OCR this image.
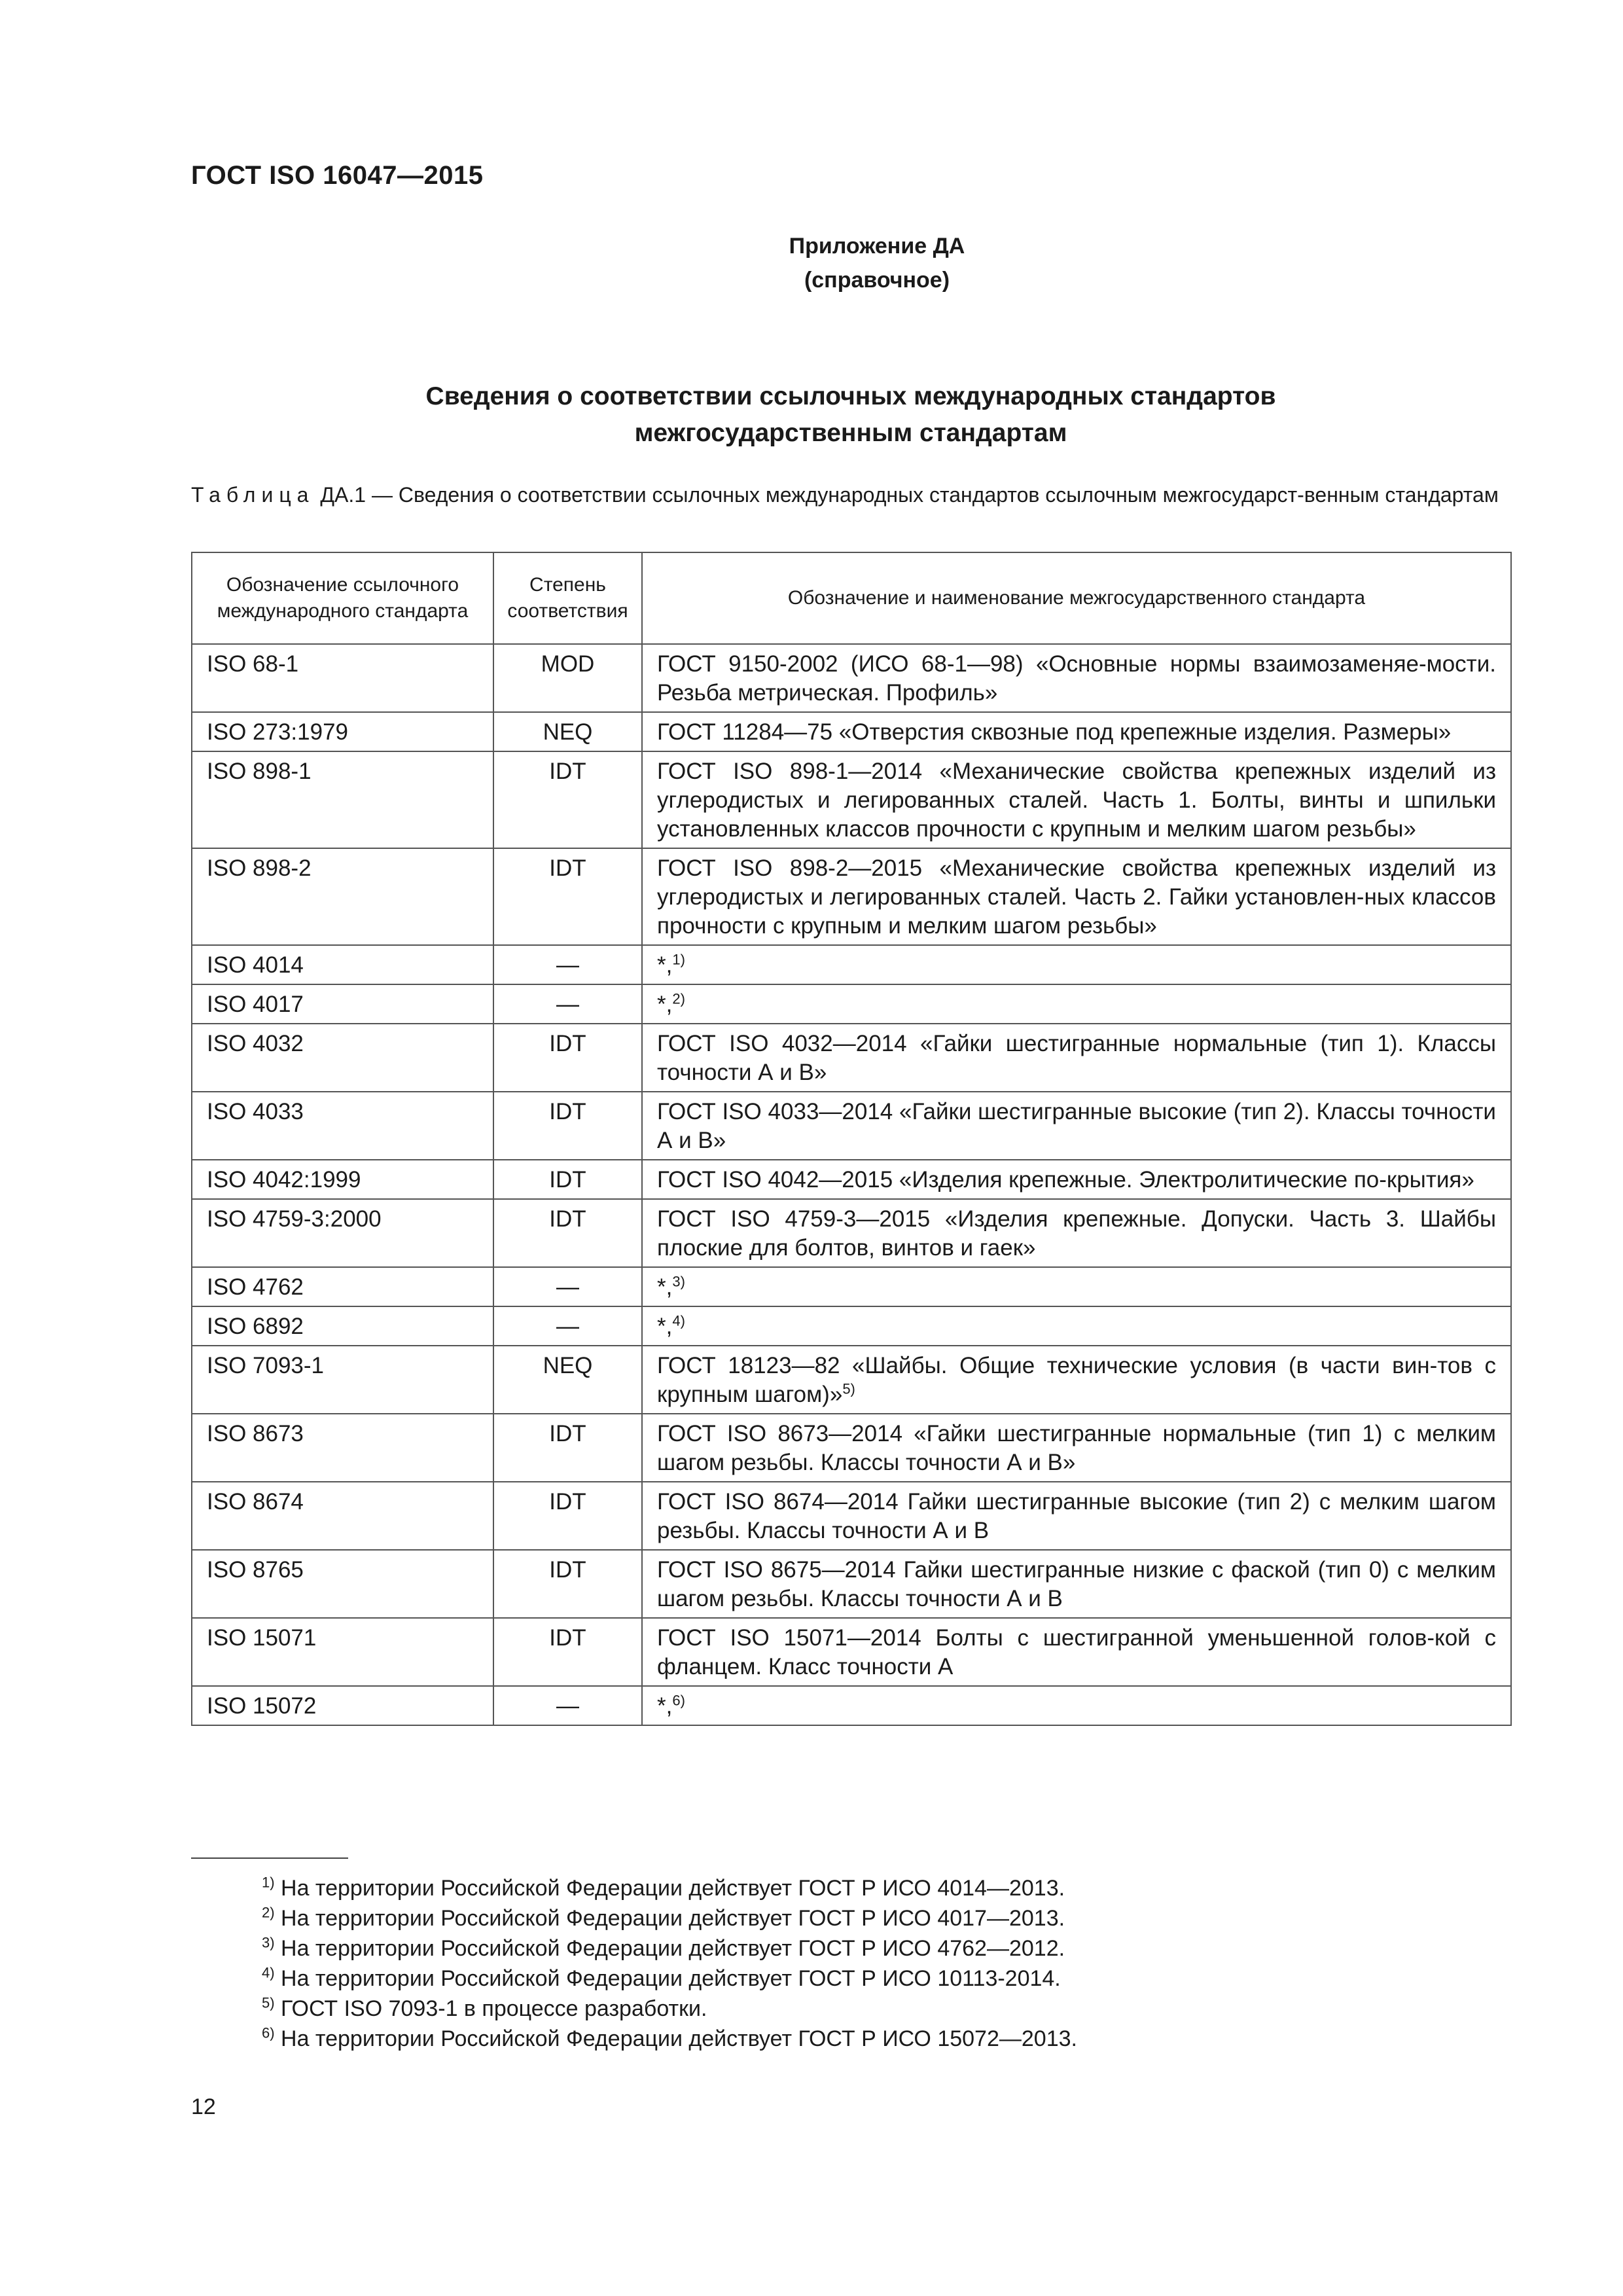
ГОСТ ISO 16047—2015
Приложение ДА
(справочное)
Сведения о соответствии ссылочных международных стандартов
межгосударственным стандартам
Таблица ДА.1 — Сведения о соответствии ссылочных международных стандартов ссылочным межгосударст-венным стандартам
Обозначение ссылочного международного стандарта	Степень соответствия	Обозначение и наименование межгосударственного стандарта
ISO 68-1	MOD	ГОСТ 9150-2002 (ИСО 68-1—98) «Основные нормы взаимозаменяе-мости. Резьба метрическая. Профиль»
ISO 273:1979	NEQ	ГОСТ 11284—75 «Отверстия сквозные под крепежные изделия. Размеры»
ISO 898-1	IDT	ГОСТ ISO 898-1—2014 «Механические свойства крепежных изделий из углеродистых и легированных сталей. Часть 1. Болты, винты и шпильки установленных классов прочности с крупным и мелким шагом резьбы»
ISO 898-2	IDT	ГОСТ ISO 898-2—2015 «Механические свойства крепежных изделий из углеродистых и легированных сталей. Часть 2. Гайки установлен-ных классов прочности с крупным и мелким шагом резьбы»
ISO 4014	—	*,$^{1)}$
ISO 4017	—	*,$^{2)}$
ISO 4032	IDT	ГОСТ ISO 4032—2014 «Гайки шестигранные нормальные (тип 1). Классы точности А и В»
ISO 4033	IDT	ГОСТ ISO 4033—2014 «Гайки шестигранные высокие (тип 2). Классы точности А и В»
ISO 4042:1999	IDT	ГОСТ ISO 4042—2015 «Изделия крепежные. Электролитические по-крытия»
ISO 4759-3:2000	IDT	ГОСТ ISO 4759-3—2015 «Изделия крепежные. Допуски. Часть 3. Шайбы плоские для болтов, винтов и гаек»
ISO 4762	—	*,$^{3)}$
ISO 6892	—	*,$^{4)}$
ISO 7093-1	NEQ	ГОСТ 18123—82 «Шайбы. Общие технические условия (в части вин-тов с крупным шагом)»$^{5)}$
ISO 8673	IDT	ГОСТ ISO 8673—2014 «Гайки шестигранные нормальные (тип 1) с мелким шагом резьбы. Классы точности А и В»
ISO 8674	IDT	ГОСТ ISO 8674—2014 Гайки шестигранные высокие (тип 2) с мелким шагом резьбы. Классы точности А и В
ISO 8765	IDT	ГОСТ ISO 8675—2014 Гайки шестигранные низкие с фаской (тип 0) с мелким шагом резьбы. Классы точности А и В
ISO 15071	IDT	ГОСТ ISO 15071—2014 Болты с шестигранной уменьшенной голов-кой с фланцем. Класс точности А
ISO 15072	—	*,$^{6)}$
$^{1)}$ На территории Российской Федерации действует ГОСТ Р ИСО 4014—2013.
$^{2)}$ На территории Российской Федерации действует ГОСТ Р ИСО 4017—2013.
$^{3)}$ На территории Российской Федерации действует ГОСТ Р ИСО 4762—2012.
$^{4)}$ На территории Российской Федерации действует ГОСТ Р ИСО 10113-2014.
$^{5)}$ ГОСТ ISO 7093-1 в процессе разработки.
$^{6)}$ На территории Российской Федерации действует ГОСТ Р ИСО 15072—2013.
12
